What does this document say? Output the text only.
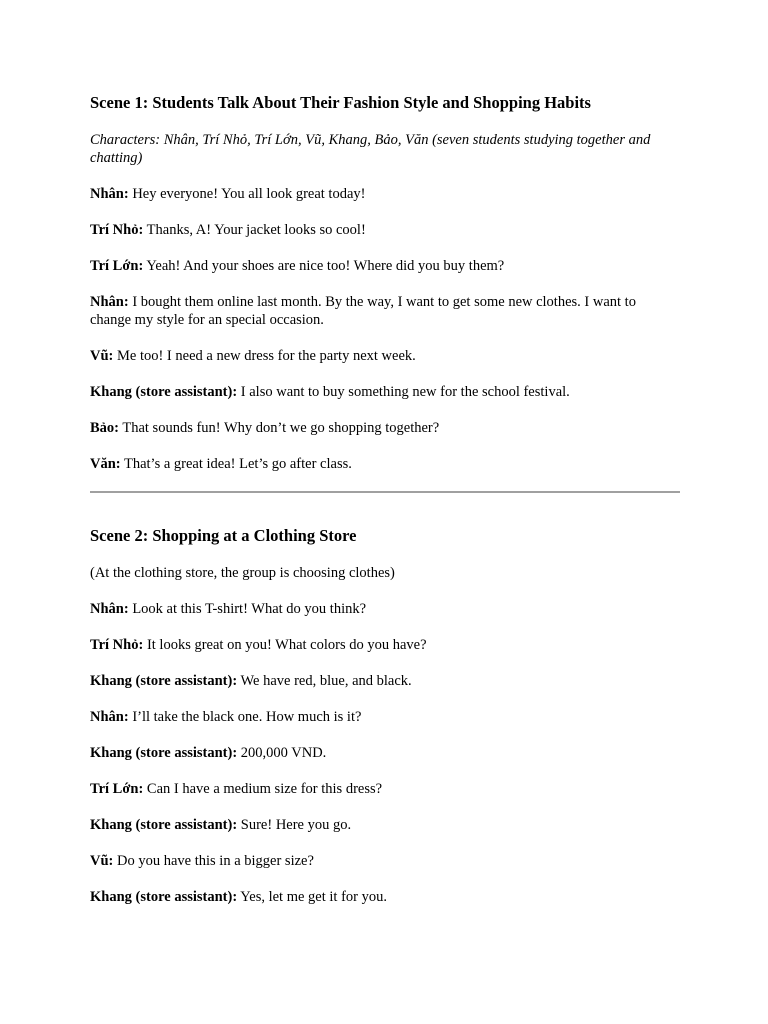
Scene 1: Students Talk About Their Fashion Style and Shopping Habits

Characters: Nhân, Trí Nhỏ, Trí Lớn, Vũ, Khang, Bảo, Văn (seven students studying together and chatting)

Nhân: Hey everyone! You all look great today!

Trí Nhỏ: Thanks, A! Your jacket looks so cool!

Trí Lớn: Yeah! And your shoes are nice too! Where did you buy them?

Nhân: I bought them online last month. By the way, I want to get some new clothes. I want to change my style for an special occasion.

Vũ: Me too! I need a new dress for the party next week.

Khang (store assistant): I also want to buy something new for the school festival.

Bảo: That sounds fun! Why don’t we go shopping together?

Văn: That’s a great idea! Let’s go after class.

Scene 2: Shopping at a Clothing Store

(At the clothing store, the group is choosing clothes)

Nhân: Look at this T-shirt! What do you think?

Trí Nhỏ: It looks great on you! What colors do you have?

Khang (store assistant): We have red, blue, and black.

Nhân: I’ll take the black one. How much is it?

Khang (store assistant): 200,000 VND.

Trí Lớn: Can I have a medium size for this dress?

Khang (store assistant): Sure! Here you go.

Vũ: Do you have this in a bigger size?

Khang (store assistant): Yes, let me get it for you.
